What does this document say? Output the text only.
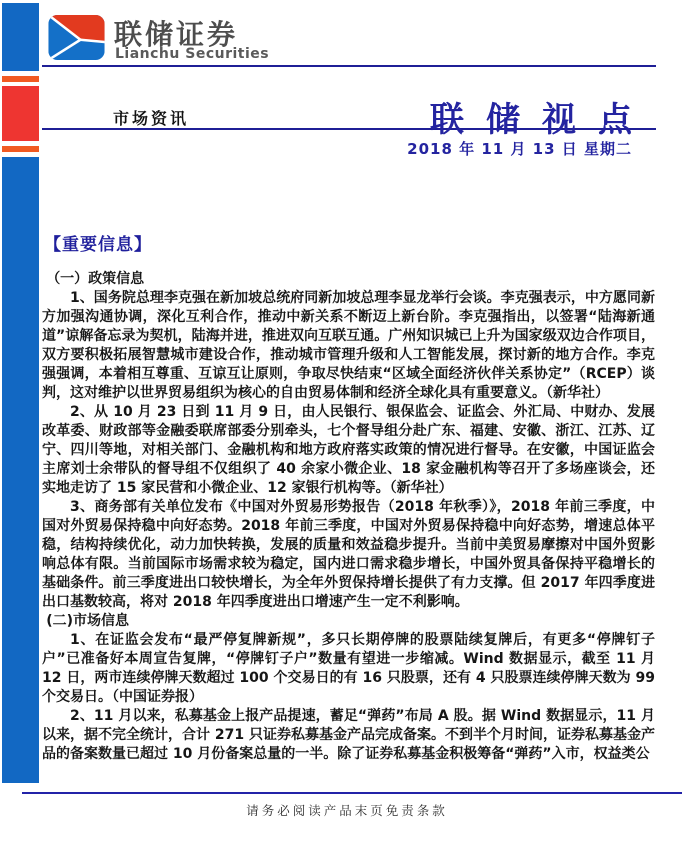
联储证券
Lianchu Securities
市场资讯	联储视点
2018 年 11 月 13 日 星期二
【重要信息】

（一）政策信息

1、国务院总理李克强在新加坡总统府同新加坡总理李显龙举行会谈。李克强表示，中方愿同新方加强沟通协调，深化互利合作，推动中新关系不断迈上新台阶。李克强指出，以签署“陆海新通道”谅解备忘录为契机，陆海并进，推进双向互联互通。广州知识城已上升为国家级双边合作项目，双方要积极拓展智慧城市建设合作，推动城市管理升级和人工智能发展，探讨新的地方合作。李克强强调，本着相互尊重、互谅互让原则，争取尽快结束“区域全面经济伙伴关系协定”（RCEP）谈判，这对维护以世界贸易组织为核心的自由贸易体制和经济全球化具有重要意义。（新华社）

2、从 10 月 23 日到 11 月 9 日，由人民银行、银保监会、证监会、外汇局、中财办、发展改革委、财政部等金融委联席部委分别牵头，七个督导组分赴广东、福建、安徽、浙江、江苏、辽宁、四川等地，对相关部门、金融机构和地方政府落实政策的情况进行督导。在安徽，中国证监会主席刘士余带队的督导组不仅组织了 40 余家小微企业、18 家金融机构等召开了多场座谈会，还实地走访了 15 家民营和小微企业、12 家银行机构等。（新华社）

3、商务部有关单位发布《中国对外贸易形势报告（2018 年秋季）》，2018 年前三季度，中国对外贸易保持稳中向好态势。2018 年前三季度，中国对外贸易保持稳中向好态势，增速总体平稳，结构持续优化，动力加快转换，发展的质量和效益稳步提升。当前中美贸易摩擦对中国外贸影响总体有限。当前国际市场需求较为稳定，国内进口需求稳步增长，中国外贸具备保持平稳增长的基础条件。前三季度进出口较快增长，为全年外贸保持增长提供了有力支撑。但 2017 年四季度进出口基数较高，将对 2018 年四季度进出口增速产生一定不利影响。

(二)市场信息

1、在证监会发布“最严停复牌新规”，多只长期停牌的股票陆续复牌后，有更多“停牌钉子户”已准备好本周宣告复牌，“停牌钉子户”数量有望进一步缩减。Wind 数据显示，截至 11 月 12 日，两市连续停牌天数超过 100 个交易日的有 16 只股票，还有 4 只股票连续停牌天数为 99 个交易日。（中国证券报）

2、11 月以来，私募基金上报产品提速，蓄足“弹药”布局 A 股。据 Wind 数据显示，11 月以来，据不完全统计，合计 271 只证券私募基金产品完成备案。不到半个月时间，证券私募基金产品的备案数量已超过 10 月份备案总量的一半。除了证券私募基金积极筹备“弹药”入市，权益类公

请务必阅读产品末页免责条款
